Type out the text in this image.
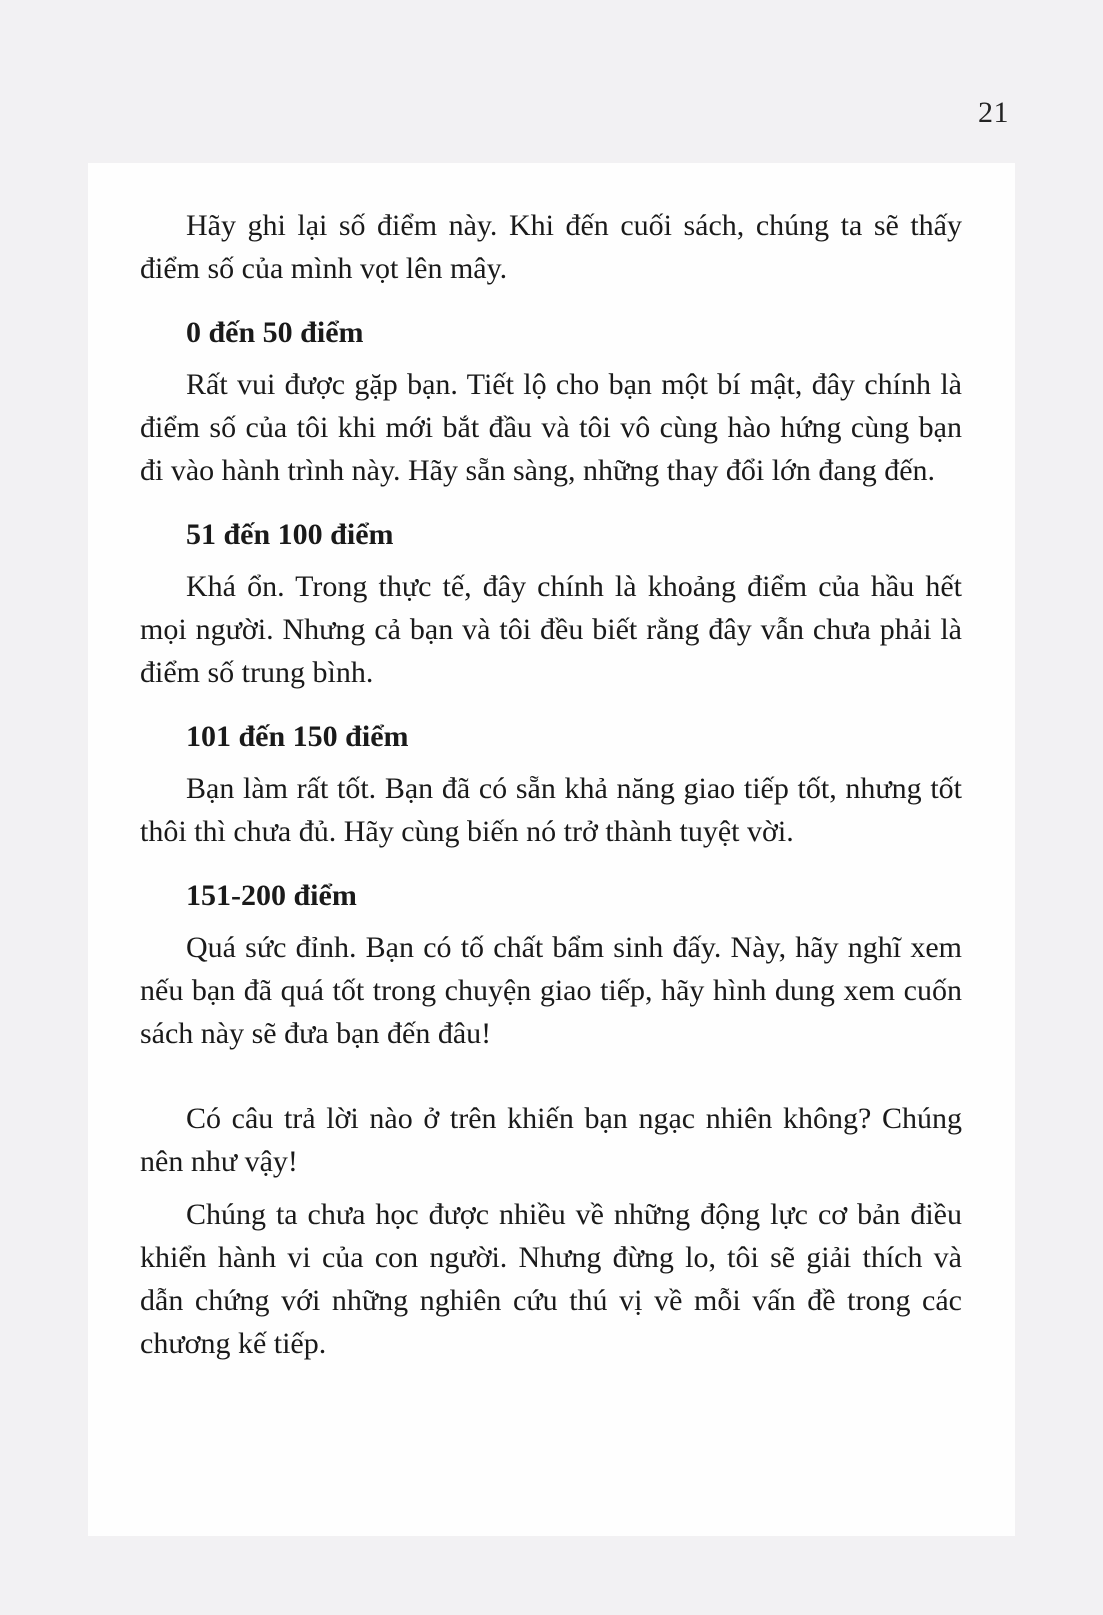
21
Hãy ghi lại số điểm này. Khi đến cuối sách, chúng ta sẽ thấy điểm số của mình vọt lên mây.
0 đến 50 điểm
Rất vui được gặp bạn. Tiết lộ cho bạn một bí mật, đây chính là điểm số của tôi khi mới bắt đầu và tôi vô cùng hào hứng cùng bạn đi vào hành trình này. Hãy sẵn sàng, những thay đổi lớn đang đến.
51 đến 100 điểm
Khá ổn. Trong thực tế, đây chính là khoảng điểm của hầu hết mọi người. Nhưng cả bạn và tôi đều biết rằng đây vẫn chưa phải là điểm số trung bình.
101 đến 150 điểm
Bạn làm rất tốt. Bạn đã có sẵn khả năng giao tiếp tốt, nhưng tốt thôi thì chưa đủ. Hãy cùng biến nó trở thành tuyệt vời.
151-200 điểm
Quá sức đỉnh. Bạn có tố chất bẩm sinh đấy. Này, hãy nghĩ xem nếu bạn đã quá tốt trong chuyện giao tiếp, hãy hình dung xem cuốn sách này sẽ đưa bạn đến đâu!
Có câu trả lời nào ở trên khiến bạn ngạc nhiên không? Chúng nên như vậy!
Chúng ta chưa học được nhiều về những động lực cơ bản điều khiển hành vi của con người. Nhưng đừng lo, tôi sẽ giải thích và dẫn chứng với những nghiên cứu thú vị về mỗi vấn đề trong các chương kế tiếp.
